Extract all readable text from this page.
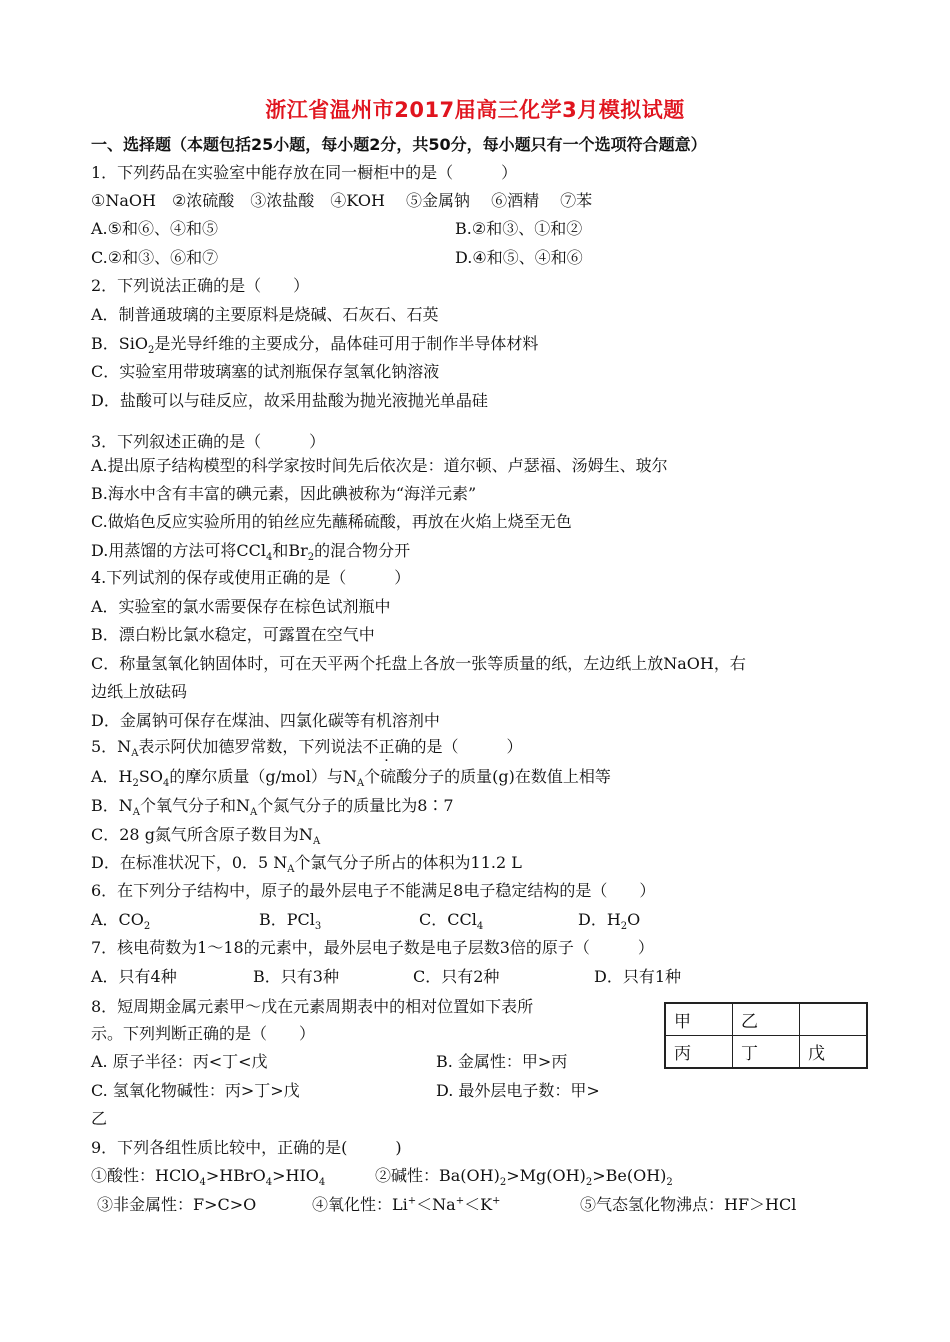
浙江省温州市2017届高三化学3月模拟试题
一、选择题（本题包括25小题，每小题2分，共50分，每小题只有一个选项符合题意）
1．下列药品在实验室中能存放在同一橱柜中的是（　　　）
①NaOH　②浓硫酸　③浓盐酸　④KOH　 ⑤金属钠　 ⑥酒精　 ⑦苯
A.⑤和⑥、④和⑤	B.②和③、①和②
C.②和③、⑥和⑦	D.④和⑤、④和⑥
2．下列说法正确的是（　　）
A．制普通玻璃的主要原料是烧碱、石灰石、石英
B．SiO$_2$是光导纤维的主要成分，晶体硅可用于制作半导体材料
C．实验室用带玻璃塞的试剂瓶保存氢氧化钠溶液
D．盐酸可以与硅反应，故采用盐酸为抛光液抛光单晶硅
3．下列叙述正确的是（　　　）
A.提出原子结构模型的科学家按时间先后依次是：道尔顿、卢瑟福、汤姆生、玻尔
B.海水中含有丰富的碘元素，因此碘被称为“海洋元素”
C.做焰色反应实验所用的铂丝应先蘸稀硫酸，再放在火焰上烧至无色
D.用蒸馏的方法可将CCl$_4$和$Br_2$的混合物分开
4.下列试剂的保存或使用正确的是（　　　）
A．实验室的氯水需要保存在棕色试剂瓶中
B．漂白粉比氯水稳定，可露置在空气中
C．称量氢氧化钠固体时，可在天平两个托盘上各放一张等质量的纸，左边纸上放NaOH，右
边纸上放砝码
D．金属钠可保存在煤油、四氯化碳等有机溶剂中
5．$N_A$表示阿伏加德罗常数，下列说法不正确的是（　　　）
A．$H_2SO_4$的摩尔质量（g/mol）与$N_A$个硫酸分子的质量(g)在数值上相等
B．$N_A$个氧气分子和$N_A$个氮气分子的质量比为8∶7
C．28 g氮气所含原子数目为$N_A$
D．在标准状况下，0．5 $N_A$个氯气分子所占的体积为11.2 L
6．在下列分子结构中，原子的最外层电子不能满足8电子稳定结构的是（　　）
A．$CO_2$	B．PCl$_3$	C．CCl$_4$	D．$H_2O$
7．核电荷数为1～18的元素中，最外层电子数是电子层数3倍的原子（　　　）
A．只有4种	B．只有3种	C．只有2种	D．只有1种
8．短周期金属元素甲～戊在元素周期表中的相对位置如下表所
示。下列判断正确的是（　　）
A. 原子半径：丙<丁<戊	B. 金属性：甲>丙
C. 氢氧化物碱性：丙>丁>戊	D. 最外层电子数：甲>
乙
甲	乙	
丙	丁	戊
9．下列各组性质比较中，正确的是(　　　)
①酸性：$HClO_4>HBrO_4>HIO_4$	②碱性：$Ba(OH)_2>Mg(OH)_2>Be(OH)_2$
③非金属性：F>C>O	④氧化性：Li+＜Na+＜K+	⑤气态氢化物沸点：HF＞HCl
